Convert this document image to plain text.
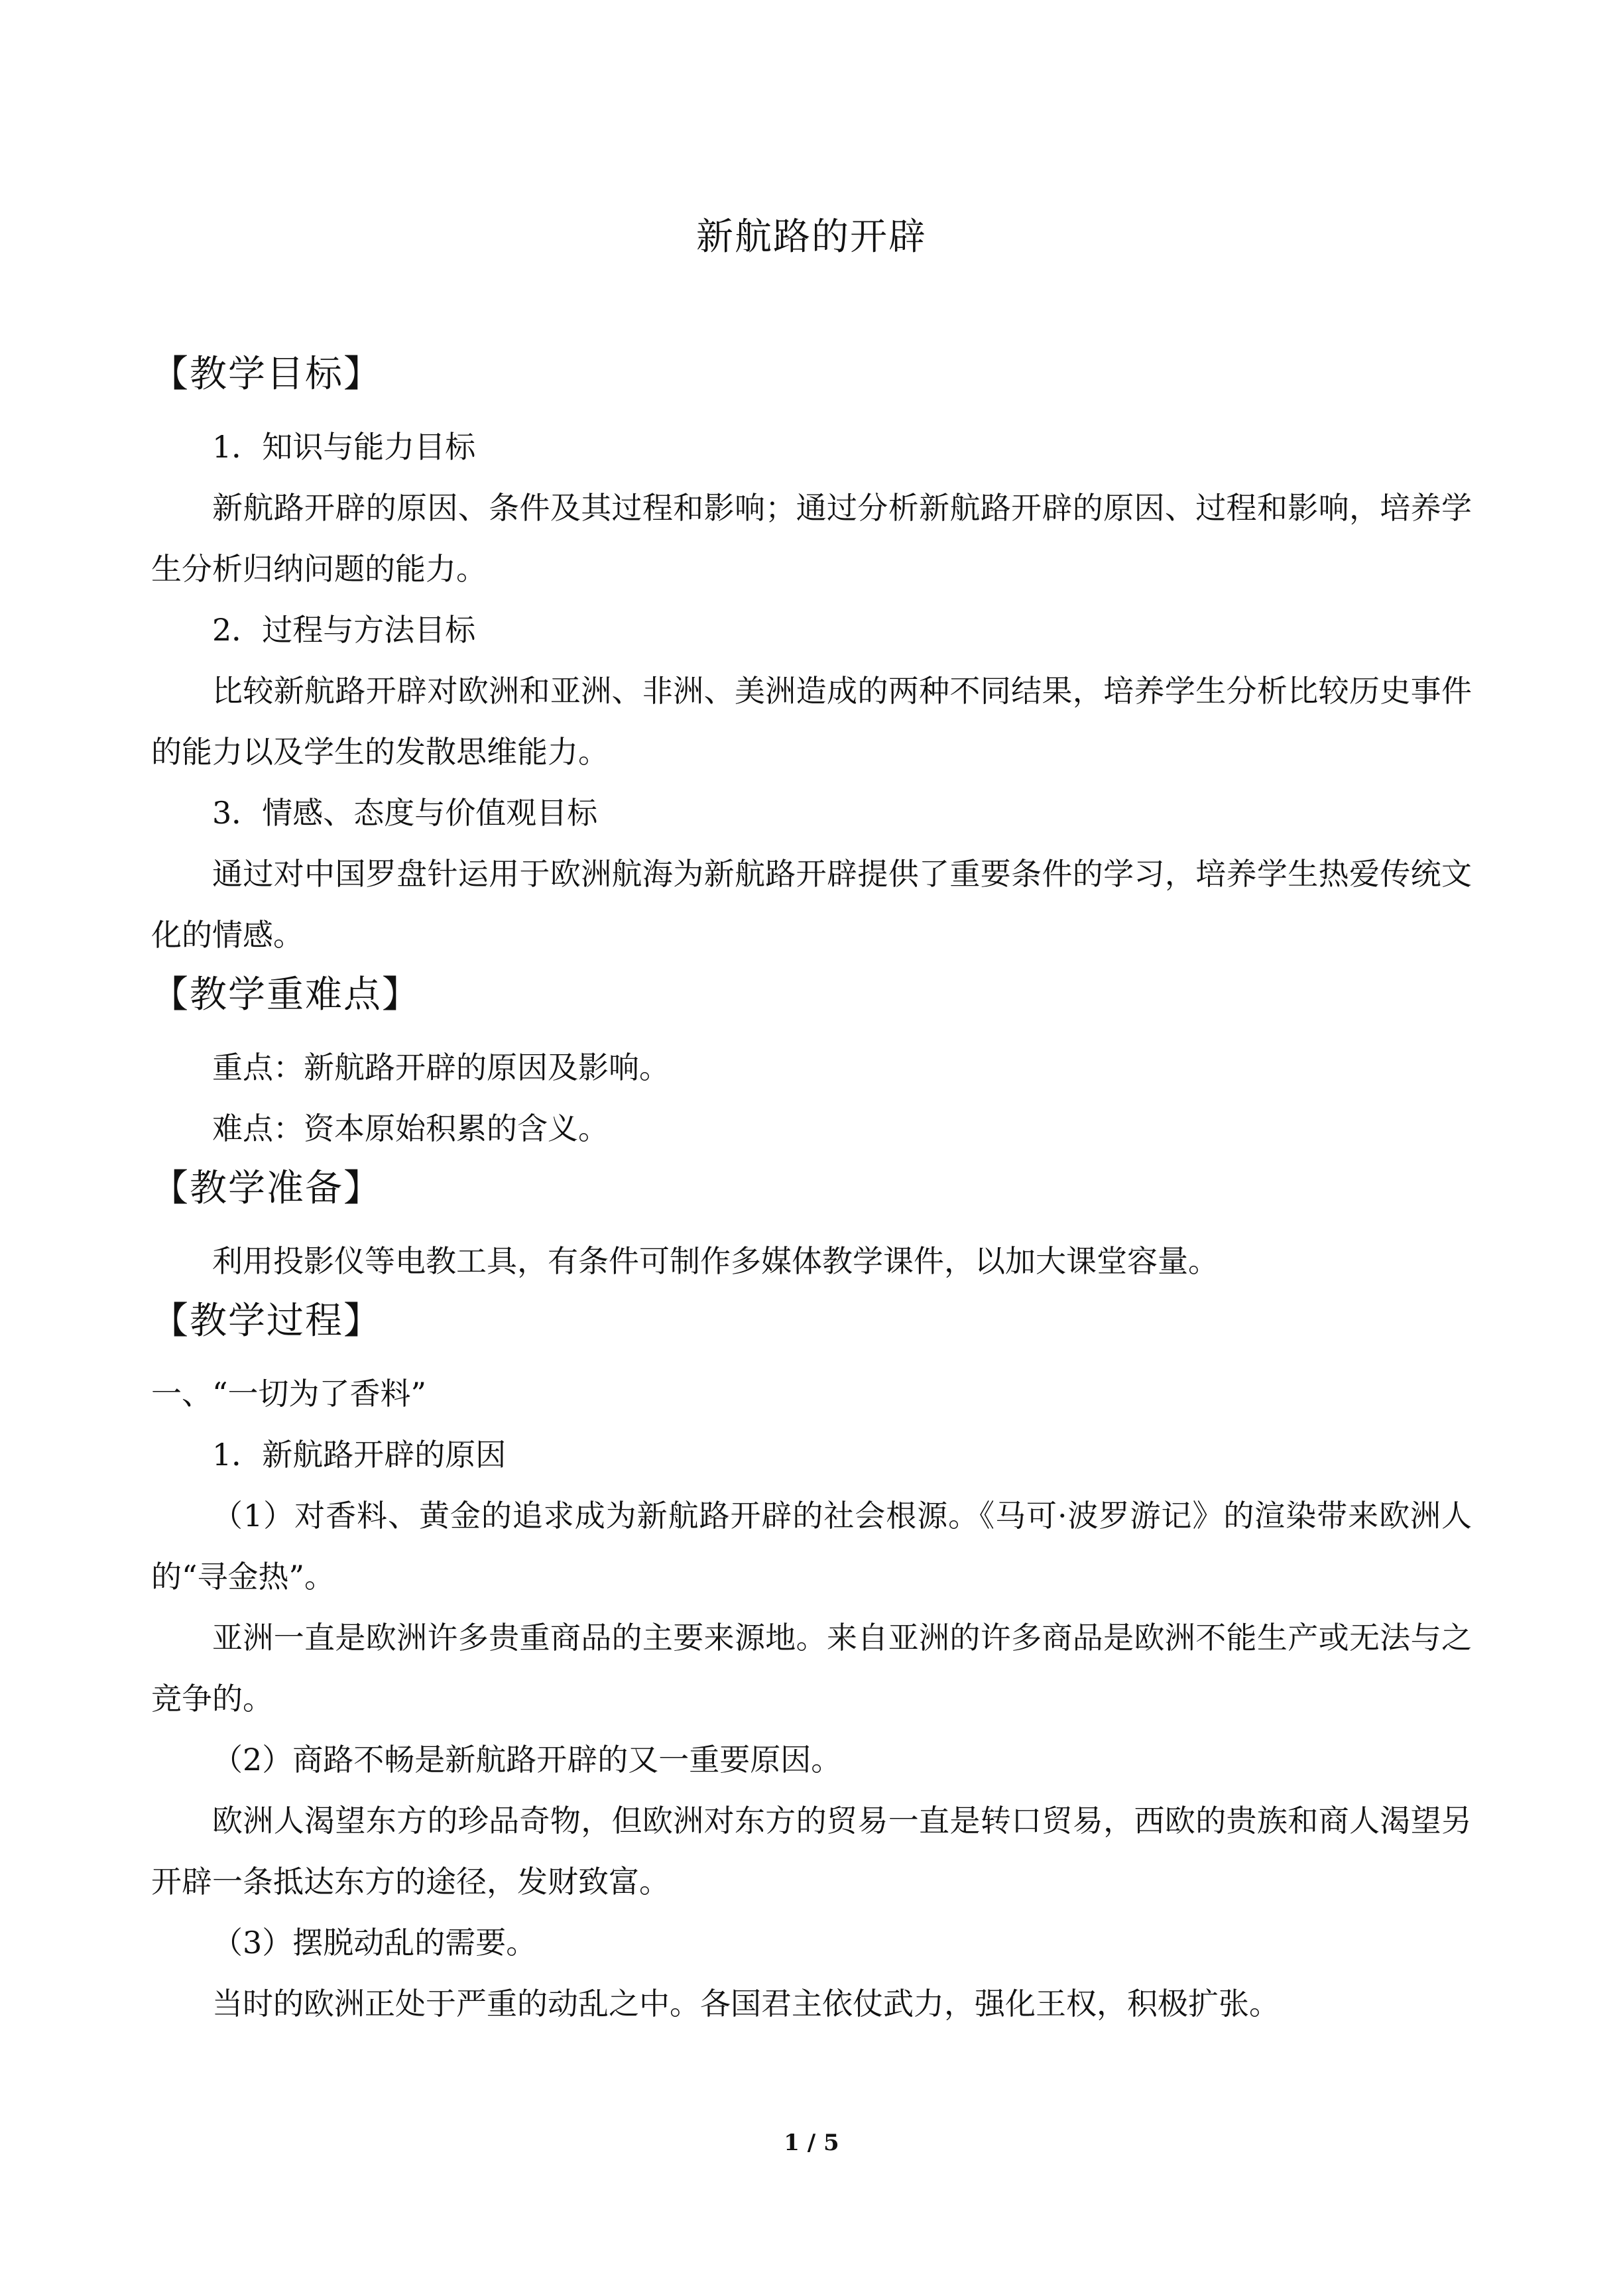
新航路的开辟
【教学目标】

1．知识与能力目标

新航路开辟的原因、条件及其过程和影响；通过分析新航路开辟的原因、过程和影响，培养学生分析归纳问题的能力。

2．过程与方法目标

比较新航路开辟对欧洲和亚洲、非洲、美洲造成的两种不同结果，培养学生分析比较历史事件的能力以及学生的发散思维能力。

3．情感、态度与价值观目标

通过对中国罗盘针运用于欧洲航海为新航路开辟提供了重要条件的学习，培养学生热爱传统文化的情感。

【教学重难点】

重点：新航路开辟的原因及影响。

难点：资本原始积累的含义。

【教学准备】

利用投影仪等电教工具，有条件可制作多媒体教学课件，以加大课堂容量。

【教学过程】

一、“一切为了香料”

1．新航路开辟的原因

（1）对香料、黄金的追求成为新航路开辟的社会根源。《马可·波罗游记》的渲染带来欧洲人的“寻金热”。

亚洲一直是欧洲许多贵重商品的主要来源地。来自亚洲的许多商品是欧洲不能生产或无法与之竞争的。

（2）商路不畅是新航路开辟的又一重要原因。

欧洲人渴望东方的珍品奇物，但欧洲对东方的贸易一直是转口贸易，西欧的贵族和商人渴望另开辟一条抵达东方的途径，发财致富。

（3）摆脱动乱的需要。

当时的欧洲正处于严重的动乱之中。各国君主依仗武力，强化王权，积极扩张。

1 / 5
